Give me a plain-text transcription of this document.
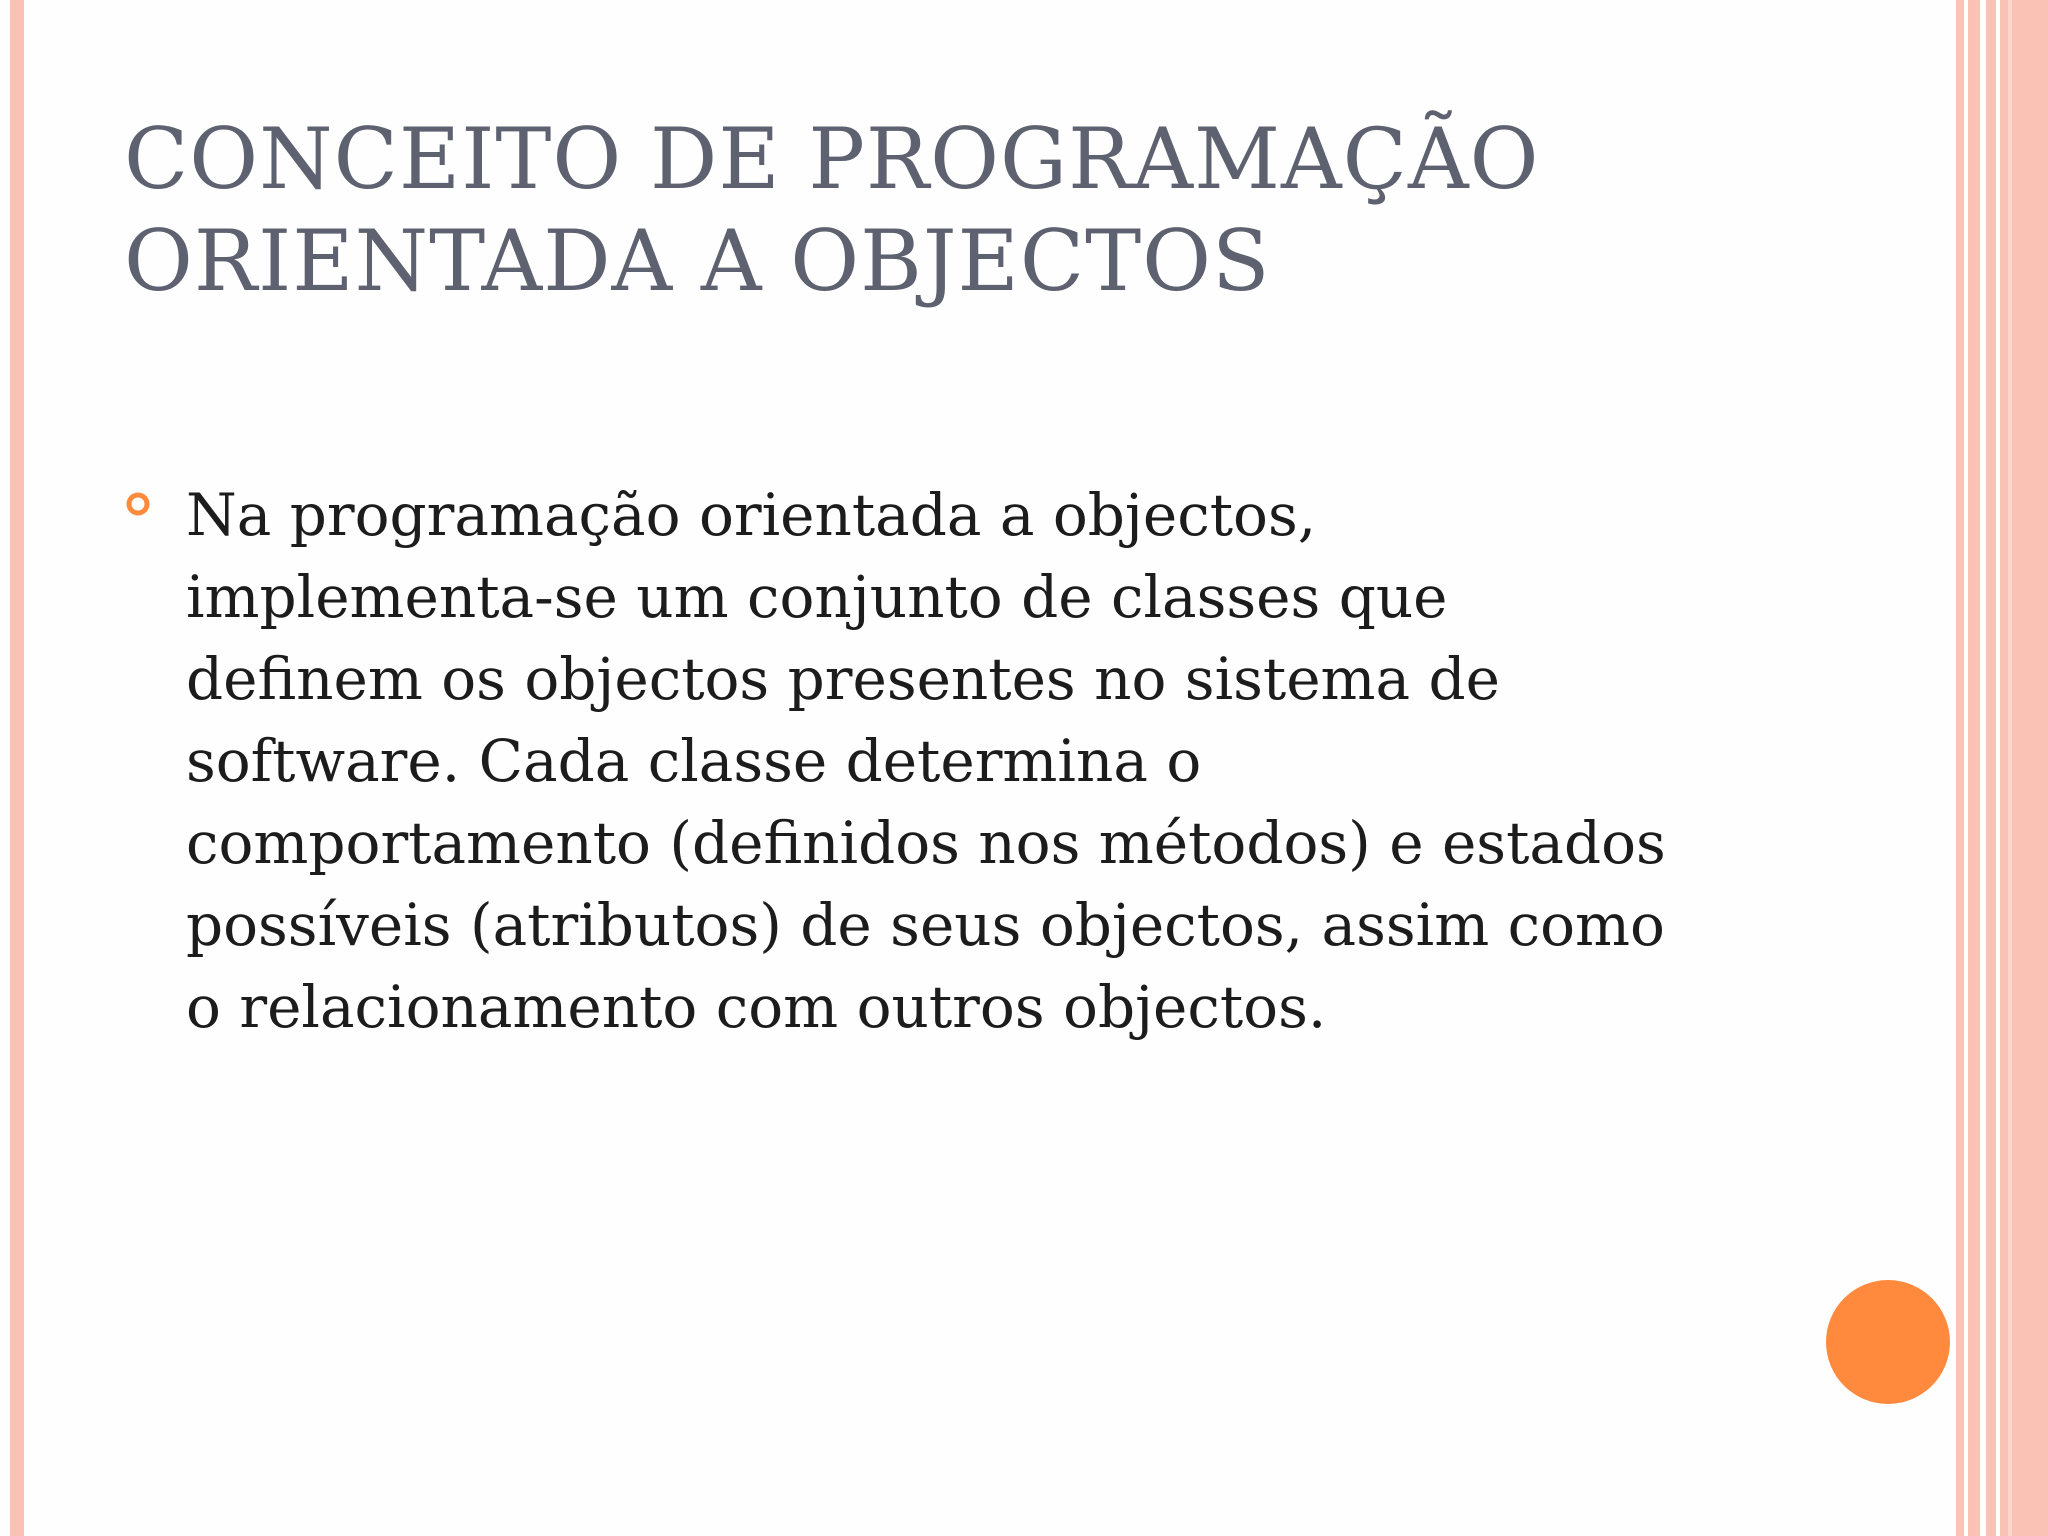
CONCEITO DE PROGRAMAÇÃO
ORIENTADA A OBJECTOS
Na programação orientada a objectos,
implementa-se um conjunto de classes que
definem os objectos presentes no sistema de
software. Cada classe determina o
comportamento (definidos nos métodos) e estados
possíveis (atributos) de seus objectos, assim como
o relacionamento com outros objectos.
